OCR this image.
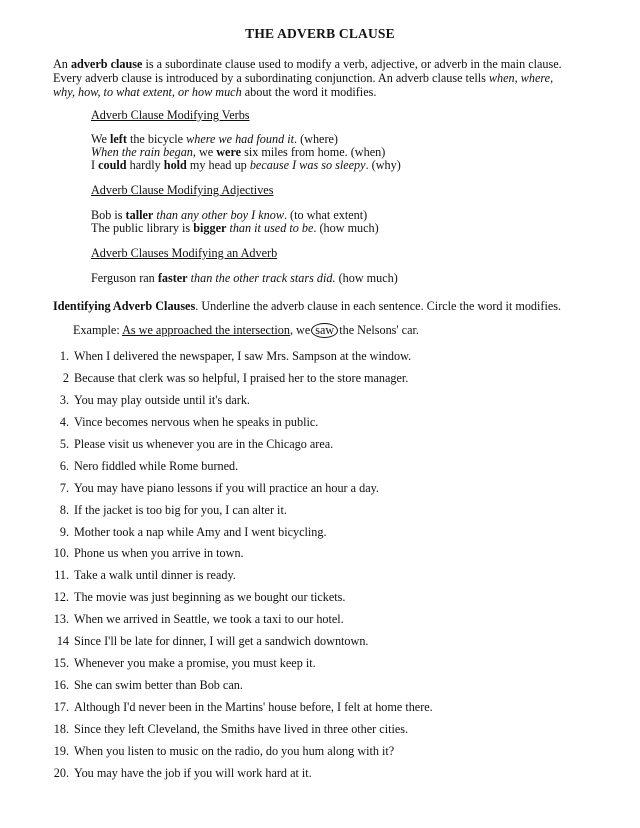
THE ADVERB CLAUSE
An adverb clause is a subordinate clause used to modify a verb, adjective, or adverb in the main clause.
Every adverb clause is introduced by a subordinating conjunction. An adverb clause tells when, where,
why, how, to what extent, or how much about the word it modifies.
Adverb Clause Modifying Verbs
We left the bicycle where we had found it. (where)
When the rain began, we were six miles from home. (when)
I could hardly hold my head up because I was so sleepy. (why)
Adverb Clause Modifying Adjectives
Bob is taller than any other boy I know. (to what extent)
The public library is bigger than it used to be. (how much)
Adverb Clauses Modifying an Adverb
Ferguson ran faster than the other track stars did. (how much)
Identifying Adverb Clauses. Underline the adverb clause in each sentence. Circle the word it modifies.
Example: As we approached the intersection, we saw the Nelsons' car.
1. When I delivered the newspaper, I saw Mrs. Sampson at the window.
2 Because that clerk was so helpful, I praised her to the store manager.
3. You may play outside until it's dark.
4. Vince becomes nervous when he speaks in public.
5. Please visit us whenever you are in the Chicago area.
6. Nero fiddled while Rome burned.
7. You may have piano lessons if you will practice an hour a day.
8. If the jacket is too big for you, I can alter it.
9. Mother took a nap while Amy and I went bicycling.
10. Phone us when you arrive in town.
11. Take a walk until dinner is ready.
12. The movie was just beginning as we bought our tickets.
13. When we arrived in Seattle, we took a taxi to our hotel.
14 Since I'll be late for dinner, I will get a sandwich downtown.
15. Whenever you make a promise, you must keep it.
16. She can swim better than Bob can.
17. Although I'd never been in the Martins' house before, I felt at home there.
18. Since they left Cleveland, the Smiths have lived in three other cities.
19. When you listen to music on the radio, do you hum along with it?
20. You may have the job if you will work hard at it.
